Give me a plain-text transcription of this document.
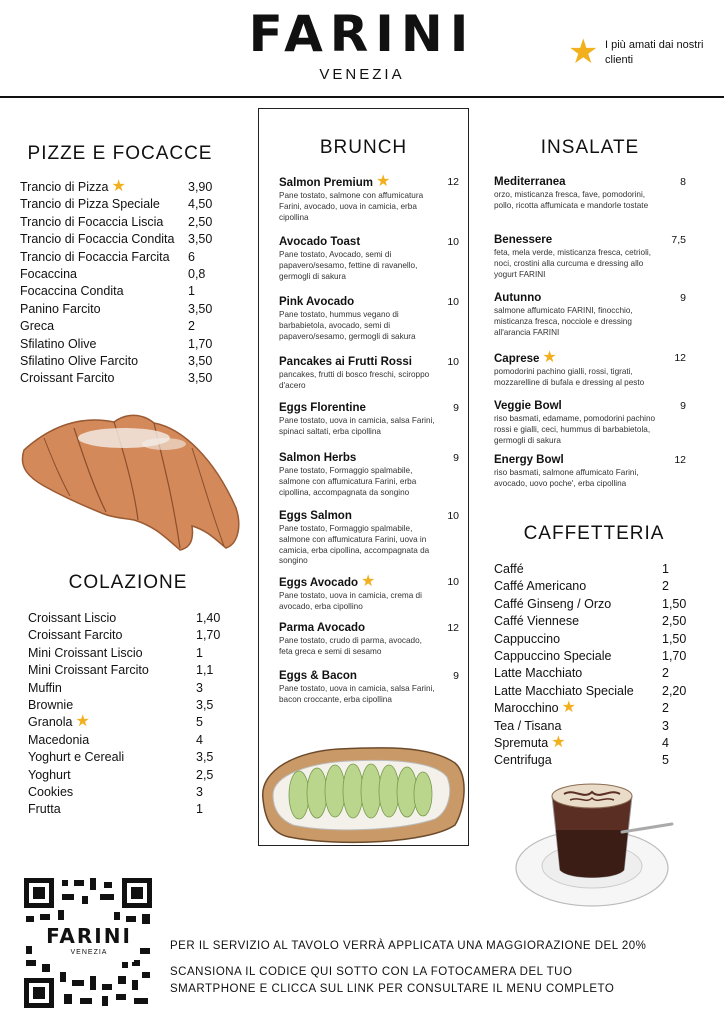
FARINI
VENEZIA
★ I più amati dai nostri clienti
PIZZE E FOCACCE
Trancio di Pizza ★	3,90
Trancio di Pizza Speciale 4,50
Trancio di Focaccia Liscia 2,50
Trancio di Focaccia Condita 3,50
Trancio di Focaccia Farcita 6
Focaccina	0,8
Focaccina Condita	1
Panino Farcito	3,50
Greca	2
Sfilatino Olive	1,70
Sfilatino Olive Farcito	3,50
Croissant Farcito	3,50
COLAZIONE
Croissant Liscio	1,40
Croissant Farcito	1,70
Mini Croissant Liscio	1
Mini Croissant Farcito	1,1
Muffin	3
Brownie	3,5
Granola ★	5
Macedonia	4
Yoghurt e Cereali	3,5
Yoghurt	2,5
Cookies	3
Frutta	1
BRUNCH
Salmon Premium ★	12
Pane tostato, salmone con affumicatura Farini, avocado, uova in camicia, erba cipollina
Avocado Toast	10
Pane tostato, Avocado, semi di papavero/sesamo, fettine di ravanello, germogli di sakura
Pink Avocado	10
Pane tostato, hummus vegano di barbabietola, avocado, semi di papavero/sesamo, germogli di sakura
Pancakes ai Frutti Rossi	10
pancakes, frutti di bosco freschi, sciroppo d'acero
Eggs Florentine	9
Pane tostato, uova in camicia, salsa Farini, spinaci saltati, erba cipollina
Salmon Herbs	9
Pane tostato, Formaggio spalmabile, salmone con affumicatura Farini, erba cipollina, accompagnata da songino
Eggs Salmon	10
Pane tostato, Formaggio spalmabile, salmone con affumicatura Farini, uova in camicia, erba cipollina, accompagnata da songino
Eggs Avocado ★	10
Pane tostato, uova in camicia, crema di avocado, erba cipollino
Parma Avocado	12
Pane tostato, crudo di parma, avocado, feta greca e semi di sesamo
Eggs & Bacon	9
Pane tostato, uova in camicia, salsa Farini, bacon croccante, erba cipollina
INSALATE
Mediterranea	8
orzo, misticanza fresca, fave, pomodorini, pollo, ricotta affumicata e mandorle tostate
Benessere	7,5
feta, mela verde, misticanza fresca, cetrioli, noci, crostini alla curcuma e dressing allo yogurt FARINI
Autunno	9
salmone affumicato FARINI, finocchio, misticanza fresca, nocciole e dressing all'arancia FARINI
Caprese ★	12
pomodorini pachino gialli, rossi, tigrati, mozzarelline di bufala e dressing al pesto
Veggie Bowl	9
riso basmati, edamame, pomodorini pachino rossi e gialli, ceci, hummus di barbabietola, germogli di sakura
Energy Bowl	12
riso basmati, salmone affumicato Farini, avocado, uovo poche', erba cipollina
CAFFETTERIA
Caffé	1
Caffé Americano	2
Caffé Ginseng / Orzo	1,50
Caffé Viennese	2,50
Cappuccino	1,50
Cappuccino Speciale	1,70
Latte Macchiato	2
Latte Macchiato Speciale 2,20
Marocchino ★	2
Tea / Tisana	3
Spremuta ★	4
Centrifuga	5
FARINI
VENEZIA
PER IL SERVIZIO AL TAVOLO VERRÀ APPLICATA UNA MAGGIORAZIONE DEL 20%
SCANSIONA IL CODICE QUI SOTTO CON LA FOTOCAMERA DEL TUO
SMARTPHONE E CLICCA SUL LINK PER CONSULTARE IL MENU COMPLETO
